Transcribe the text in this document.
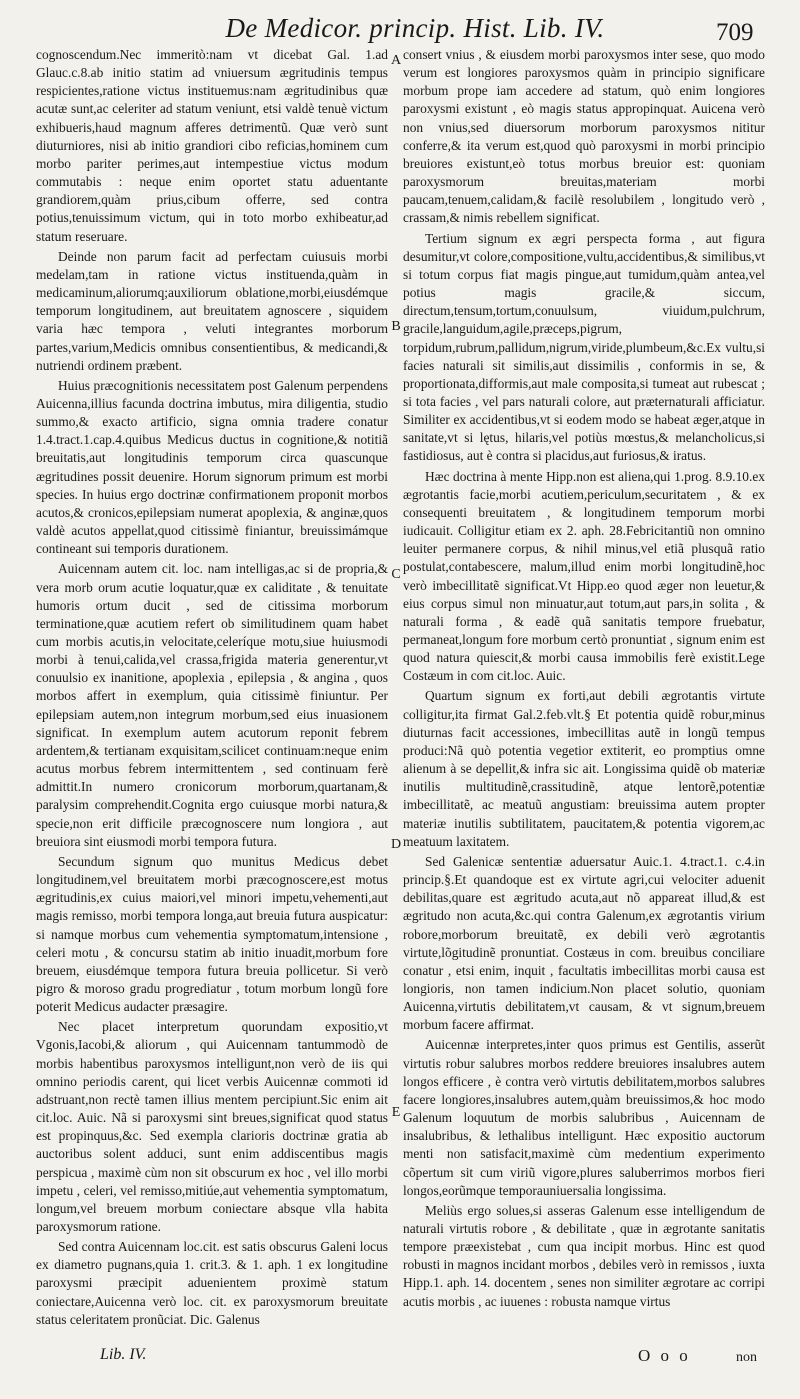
De Medicor. princip. Hist. Lib. IV.	709

cognoscendum.Nec immeritò:nam vt dicebat Gal. 1.ad Glauc.c.8.ab initio statim ad vniuersum ægritudinis tempus respicientes,ratione victus instituemus:nam ægritudinibus quæ acutæ sunt,ac celeriter ad statum veniunt, etsi valdè tenuè victum exhibueris,haud magnum afferes detrimentũ. Quæ verò sunt diuturniores, nisi ab initio grandiori cibo reficias,hominem cum morbo pariter perimes,aut intempestiue victus modum commutabis : neque enim oportet statu aduentante grandiorem,quàm prius,cibum offerre, sed contra potius,tenuissimum victum, qui in toto morbo exhibeatur,ad statum reseruare.

Deinde non parum facit ad perfectam cuiusuis morbi medelam,tam in ratione victus instituenda,quàm in medicaminum,aliorumq;auxiliorum oblatione,morbi,eiusdémque temporum longitudinem, aut breuitatem agnoscere , siquidem varia hæc tempora , veluti integrantes morborum partes,varium,Medicis omnibus consentientibus, & medicandi,& nutriendi ordinem præbent.

Huius præcognitionis necessitatem post Galenum perpendens Auicenna,illius facunda doctrina imbutus, mira diligentia, studio summo,& exacto artificio, signa omnia tradere conatur 1.4.tract.1.cap.4.quibus Medicus ductus in cognitione,& notitiã breuitatis,aut longitudinis temporum circa quascunque ægritudines possit deuenire. Horum signorum primum est morbi species. In huius ergo doctrinæ confirmationem proponit morbos acutos,& cronicos,epilepsiam numerat apoplexia, & anginæ,quos valdè acutos appellat,quod citissimè finiantur, breuissimámque contineant sui temporis durationem.

Auicennam autem cit. loc. nam intelligas,ac si de propria,& vera morb orum acutie loquatur,quæ ex caliditate , & tenuitate humoris ortum ducit , sed de citissima morborum terminatione,quæ acutiem refert ob similitudinem quam habet cum morbis acutis,in velocitate,celeríque motu,siue huiusmodi morbi à tenui,calida,vel crassa,frigida materia generentur,vt conuulsio ex inanitione, apoplexia , epilepsia , & angina , quos morbos affert in exemplum, quia citissimè finiuntur. Per epilepsiam autem,non integrum morbum,sed eius inuasionem significat. In exemplum autem acutorum reponit febrem ardentem,& tertianam exquisitam,scilicet continuam:neque enim acutus morbus febrem intermittentem , sed continuam ferè admittit.In numero cronicorum morborum,quartanam,& paralysim comprehendit.Cognita ergo cuiusque morbi natura,& specie,non erit difficile præcognoscere num longiora , aut breuiora sint eiusmodi morbi tempora futura.

Secundum signum quo munitus Medicus debet longitudinem,vel breuitatem morbi præcognoscere,est motus ægritudinis,ex cuius maiori,vel minori impetu,vehementi,aut magis remisso, morbi tempora longa,aut breuia futura auspicatur: si namque morbus cum vehementia symptomatum,intensione , celeri motu , & concursu statim ab initio inuadit,morbum fore breuem, eiusdémque tempora futura breuia pollicetur. Si verò pigro & moroso gradu progrediatur , totum morbum longũ fore poterit Medicus audacter præsagire.

Nec placet interpretum quorundam expositio,vt Vgonis,Iacobi,& aliorum , qui Auicennam tantummodò de morbis habentibus paroxysmos intelligunt,non verò de iis qui omnino periodis carent, qui licet verbis Auicennæ commoti id adstruant,non rectè tamen illius mentem percipiunt.Sic enim ait cit.loc. Auic. Nã si paroxysmi sint breues,significat quod status est propinquus,&c. Sed exempla clarioris doctrinæ gratia ab auctoribus solent adduci, sunt enim addiscentibus magis perspicua , maximè cùm non sit obscurum ex hoc , vel illo morbi impetu , celeri, vel remisso,mitiúe,aut vehementia symptomatum, longum,vel breuem morbum coniectare absque vlla habita paroxysmorum ratione.

Sed contra Auicennam loc.cit. est satis obscurus Galeni locus ex diametro pugnans,quia 1. crit.3. & 1. aph. 1 ex longitudine paroxysmi præcipit aduenientem proximè statum coniectare,Auicenna verò loc. cit. ex paroxysmorum breuitate status celeritatem pronũciat. Dic. Galenus

consert vnius , & eiusdem morbi paroxysmos inter sese, quo modo verum est longiores paroxysmos quàm in principio significare morbum prope iam accedere ad statum, quò enim longiores paroxysmi existunt , eò magis status appropinquat. Auicena verò non vnius,sed diuersorum morborum paroxysmos nititur conferre,& ita verum est,quod quò paroxysmi in morbi principio breuiores existunt,eò totus morbus breuior est: quoniam paroxysmorum breuitas,materiam morbi paucam,tenuem,calidam,& facilè resolubilem , longitudo verò , crassam,& nimis rebellem significat.

Tertium signum ex ægri perspecta forma , aut figura desumitur,vt colore,compositione,vultu,accidentibus,& similibus,vt si totum corpus fiat magis pingue,aut tumidum,quàm antea,vel potius magis gracile,& siccum, directum,tensum,tortum,conuulsum, viuidum,pulchrum, gracile,languidum,agile,præceps,pigrum, torpidum,rubrum,pallidum,nigrum,viride,plumbeum,&c.Ex vultu,si facies naturali sit similis,aut dissimilis , conformis in se, & proportionata,difformis,aut male composita,si tumeat aut rubescat ; si tota facies , vel pars naturali colore, aut præternaturali afficiatur. Similiter ex accidentibus,vt si eodem modo se habeat æger,atque in sanitate,vt si lętus, hilaris,vel potiùs mœstus,& melancholicus,si fastidiosus, aut è contra si placidus,aut furiosus,& iratus.

Hæc doctrina à mente Hipp.non est aliena,qui 1.prog. 8.9.10.ex ægrotantis facie,morbi acutiem,periculum,securitatem , & ex consequenti breuitatem , & longitudinem temporum morbi iudicauit. Colligitur etiam ex 2. aph. 28.Febricitantiũ non omnino leuiter permanere corpus, & nihil minus,vel etiã plusquã ratio postulat,contabescere, malum,illud enim morbi longitudinẽ,hoc verò imbecillitatẽ significat.Vt Hipp.eo quod æger non leuetur,& eius corpus simul non minuatur,aut totum,aut pars,in solita , & naturali forma , & eadẽ quã sanitatis tempore fruebatur, permaneat,longum fore morbum certò pronuntiat , signum enim est quod natura quiescit,& morbi causa immobilis ferè existit.Lege Costæum in com cit.loc. Auic.

Quartum signum ex forti,aut debili ægrotantis virtute colligitur,ita firmat Gal.2.feb.vlt.§ Et potentia quidẽ robur,minus diuturnas facit accessiones, imbecillitas autẽ in longũ tempus produci:Nã quò potentia vegetior extiterit, eo promptius omne alienum à se depellit,& infra sic ait. Longissima quidẽ ob materiæ inutilis multitudinẽ,crassitudinẽ, atque lentorẽ,potentiæ imbecillitatẽ, ac meatuũ angustiam: breuissima autem propter materiæ inutilis subtilitatem, paucitatem,& potentia vigorem,ac meatuum laxitatem.

Sed Galenicæ sententiæ aduersatur Auic.1. 4.tract.1. c.4.in princip.§.Et quandoque est ex virtute agri,cui velociter aduenit debilitas,quare est ægritudo acuta,aut nõ appareat illud,& est ægritudo non acuta,&c.qui contra Galenum,ex ægrotantis virium robore,morborum breuitatẽ, ex debili verò ægrotantis virtute,lõgitudinẽ pronuntiat. Costæus in com. breuibus conciliare conatur , etsi enim, inquit , facultatis imbecillitas morbi causa est longioris, non tamen indicium.Non placet solutio, quoniam Auicenna,virtutis debilitatem,vt causam, & vt signum,breuem morbum facere affirmat.

Auicennæ interpretes,inter quos primus est Gentilis, asserũt virtutis robur salubres morbos reddere breuiores insalubres autem longos efficere , è contra verò virtutis debilitatem,morbos salubres facere longiores,insalubres autem,quàm breuissimos,& hoc modo Galenum loquutum de morbis salubribus , Auicennam de insalubribus, & lethalibus intelligunt. Hæc expositio auctorum menti non satisfacit,maximè cùm medentium experimento cõpertum sit cum viriũ vigore,plures saluberrimos morbos fieri longos,eorũmque temporauniuersalia longissima.

Meliùs ergo solues,si asseras Galenum esse intelligendum de naturali virtutis robore , & debilitate , quæ in ægrotante sanitatis tempore præexistebat , cum qua incipit morbus. Hinc est quod robusti in magnos incidant morbos , debiles verò in remissos , iuxta Hipp.1. aph. 14. docentem , senes non similiter ægrotare ac corripi acutis morbis , ac iuuenes : robusta namque virtus

A
B
C
D
E
Lib. IV.	O o o	non
